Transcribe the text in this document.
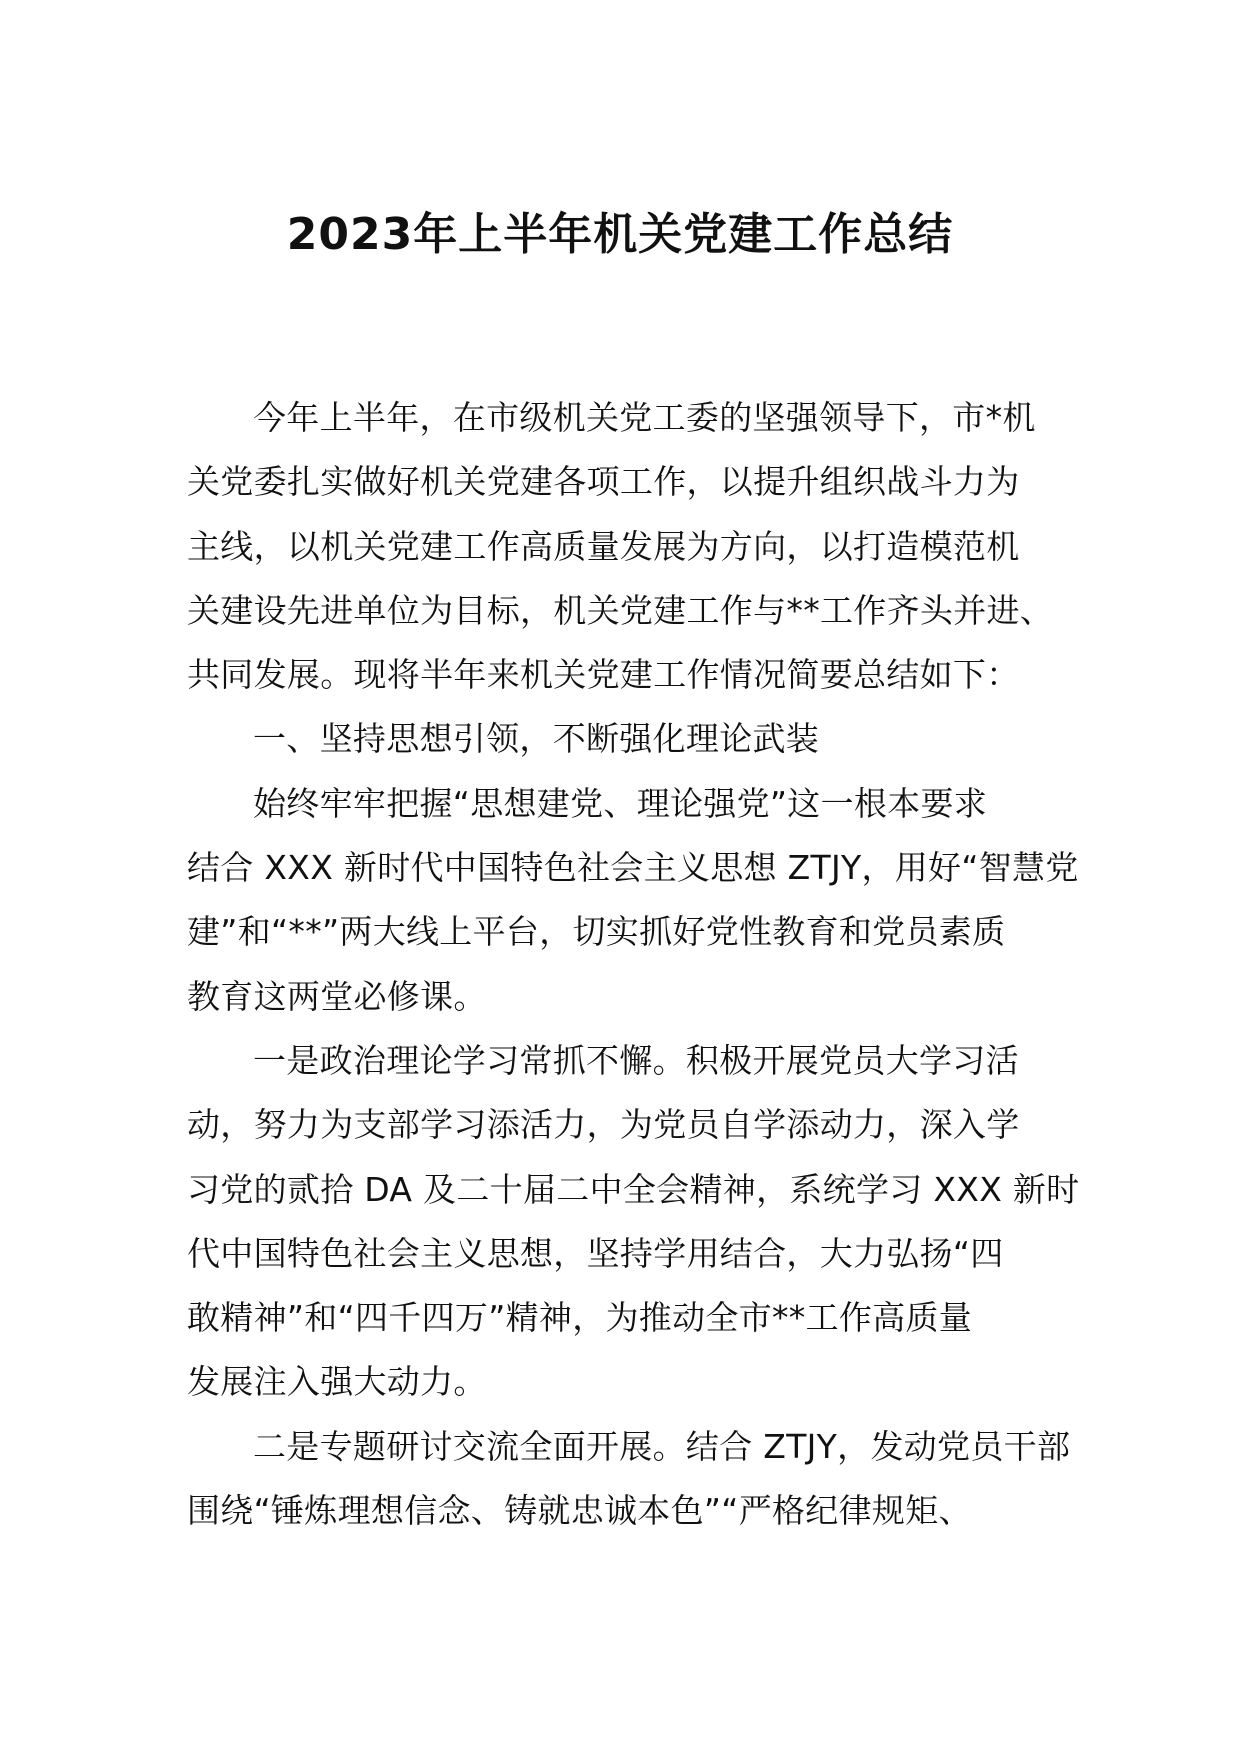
2023年上半年机关党建工作总结

今年上半年，在市级机关党工委的坚强领导下，市*机
关党委扎实做好机关党建各项工作，以提升组织战斗力为
主线，以机关党建工作高质量发展为方向，以打造模范机
关建设先进单位为目标，机关党建工作与**工作齐头并进、
共同发展。现将半年来机关党建工作情况简要总结如下：

一、坚持思想引领，不断强化理论武装

始终牢牢把握“思想建党、理论强党”这一根本要求
结合 XXX 新时代中国特色社会主义思想 ZTJY，用好“智慧党
建”和“**”两大线上平台，切实抓好党性教育和党员素质
教育这两堂必修课。

一是政治理论学习常抓不懈。积极开展党员大学习活
动，努力为支部学习添活力，为党员自学添动力，深入学
习党的贰拾 DA 及二十届二中全会精神，系统学习 XXX 新时
代中国特色社会主义思想，坚持学用结合，大力弘扬“四
敢精神”和“四千四万”精神，为推动全市**工作高质量
发展注入强大动力。

二是专题研讨交流全面开展。结合 ZTJY，发动党员干部
围绕“锤炼理想信念、铸就忠诚本色”“严格纪律规矩、
